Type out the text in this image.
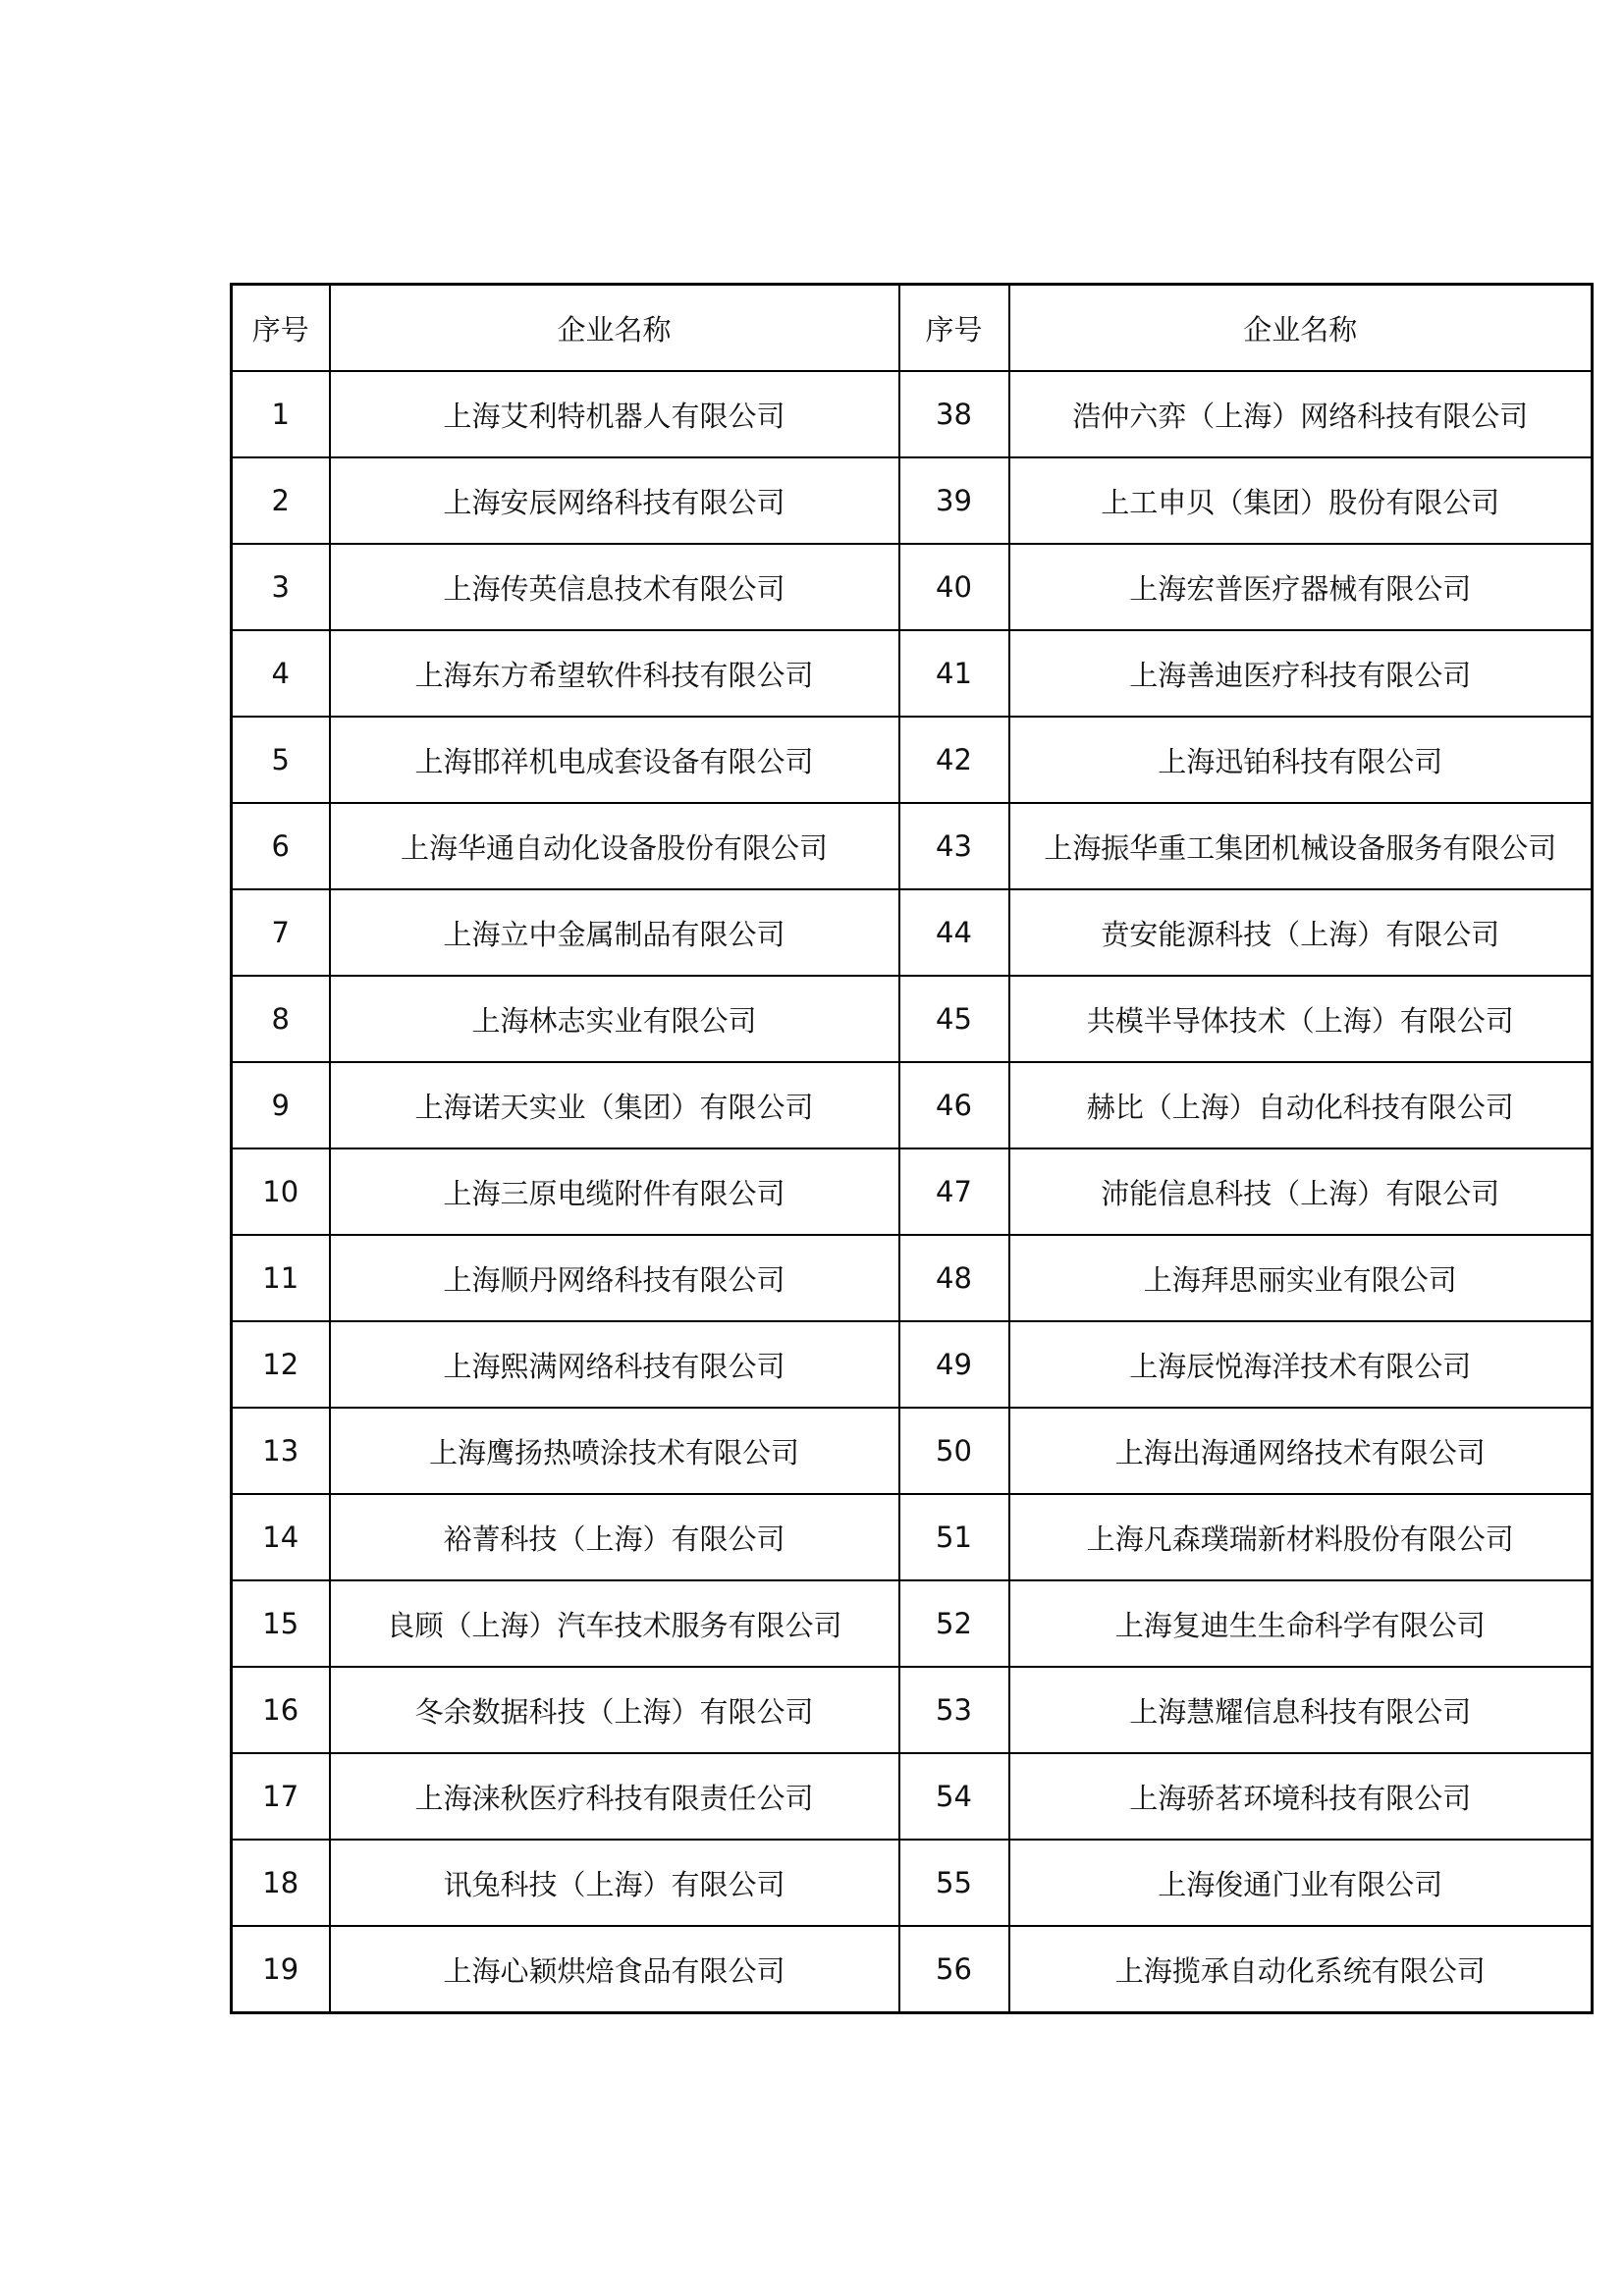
序号	企业名称	序号	企业名称
1	上海艾利特机器人有限公司	38	浩仲六弈（上海）网络科技有限公司
2	上海安辰网络科技有限公司	39	上工申贝（集团）股份有限公司
3	上海传英信息技术有限公司	40	上海宏普医疗器械有限公司
4	上海东方希望软件科技有限公司	41	上海善迪医疗科技有限公司
5	上海邯祥机电成套设备有限公司	42	上海迅铂科技有限公司
6	上海华通自动化设备股份有限公司	43	上海振华重工集团机械设备服务有限公司
7	上海立中金属制品有限公司	44	贲安能源科技（上海）有限公司
8	上海林志实业有限公司	45	共模半导体技术（上海）有限公司
9	上海诺天实业（集团）有限公司	46	赫比（上海）自动化科技有限公司
10	上海三原电缆附件有限公司	47	沛能信息科技（上海）有限公司
11	上海顺丹网络科技有限公司	48	上海拜思丽实业有限公司
12	上海熙满网络科技有限公司	49	上海辰悦海洋技术有限公司
13	上海鹰扬热喷涂技术有限公司	50	上海出海通网络技术有限公司
14	裕菁科技（上海）有限公司	51	上海凡森璞瑞新材料股份有限公司
15	良顾（上海）汽车技术服务有限公司	52	上海复迪生生命科学有限公司
16	冬余数据科技（上海）有限公司	53	上海慧耀信息科技有限公司
17	上海涞秋医疗科技有限责任公司	54	上海骄茗环境科技有限公司
18	讯兔科技（上海）有限公司	55	上海俊通门业有限公司
19	上海心颖烘焙食品有限公司	56	上海揽承自动化系统有限公司
